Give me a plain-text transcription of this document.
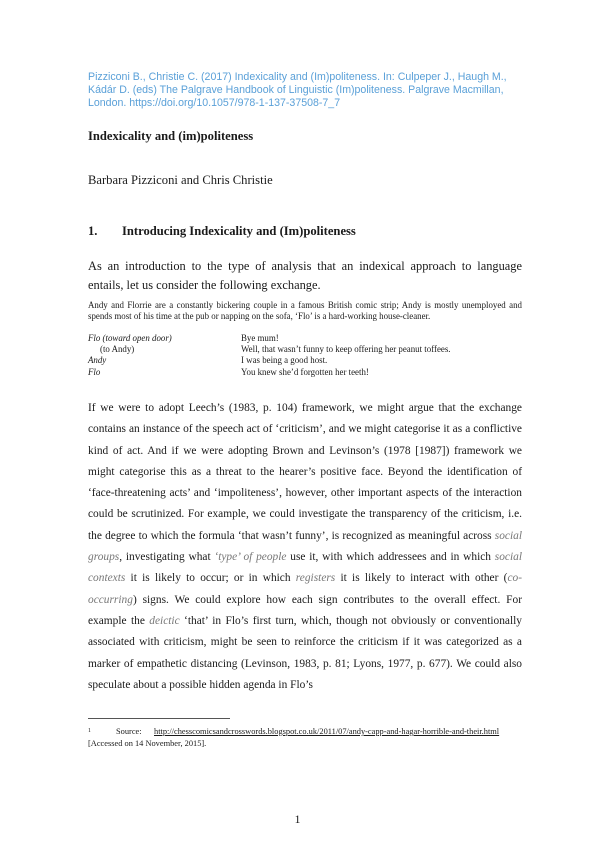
Pizziconi B., Christie C. (2017) Indexicality and (Im)politeness. In: Culpeper J., Haugh M., Kádár D. (eds) The Palgrave Handbook of Linguistic (Im)politeness. Palgrave Macmillan, London. https://doi.org/10.1057/978-1-137-37508-7_7
Indexicality and (im)politeness
Barbara Pizziconi and Chris Christie
1. Introducing Indexicality and (Im)politeness
As an introduction to the type of analysis that an indexical approach to language entails, let us consider the following exchange.
Andy and Florrie are a constantly bickering couple in a famous British comic strip; Andy is mostly unemployed and spends most of his time at the pub or napping on the sofa, ‘Flo’ is a hard-working house-cleaner.
Flo (toward open door)	Bye mum!
(to Andy)	Well, that wasn’t funny to keep offering her peanut toffees.
Andy	I was being a good host.
Flo	You knew she’d forgotten her teeth!
If we were to adopt Leech’s (1983, p. 104) framework, we might argue that the exchange contains an instance of the speech act of ‘criticism’, and we might categorise it as a conflictive kind of act. And if we were adopting Brown and Levinson’s (1978 [1987]) framework we might categorise this as a threat to the hearer’s positive face. Beyond the identification of ‘face-threatening acts’ and ‘impoliteness’, however, other important aspects of the interaction could be scrutinized. For example, we could investigate the transparency of the criticism, i.e. the degree to which the formula ‘that wasn’t funny’, is recognized as meaningful across social groups, investigating what ‘type’ of people use it, with which addressees and in which social contexts it is likely to occur; or in which registers it is likely to interact with other (co-occurring) signs. We could explore how each sign contributes to the overall effect. For example the deictic ‘that’ in Flo’s first turn, which, though not obviously or conventionally associated with criticism, might be seen to reinforce the criticism if it was categorized as a marker of empathetic distancing (Levinson, 1983, p. 81; Lyons, 1977, p. 677). We could also speculate about a possible hidden agenda in Flo’s
1	Source: http://chesscomicsandcrosswords.blogspot.co.uk/2011/07/andy-capp-and-hagar-horrible-and-their.html [Accessed on 14 November, 2015].
1
